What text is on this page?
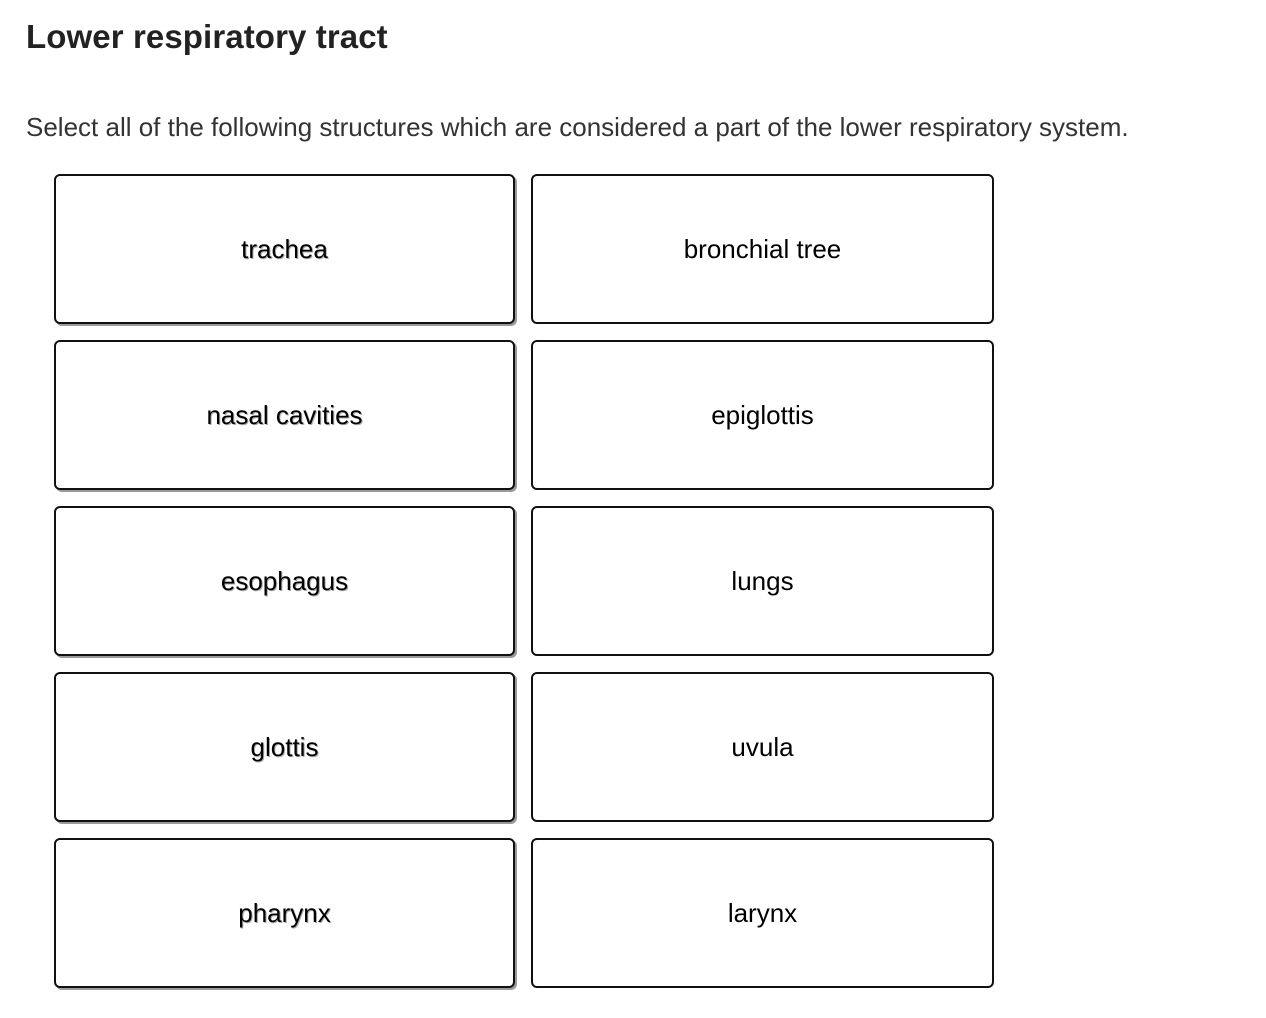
Lower respiratory tract
Select all of the following structures which are considered a part of the lower respiratory system.
trachea	bronchial tree
nasal cavities	epiglottis
esophagus	lungs
glottis	uvula
pharynx	larynx
